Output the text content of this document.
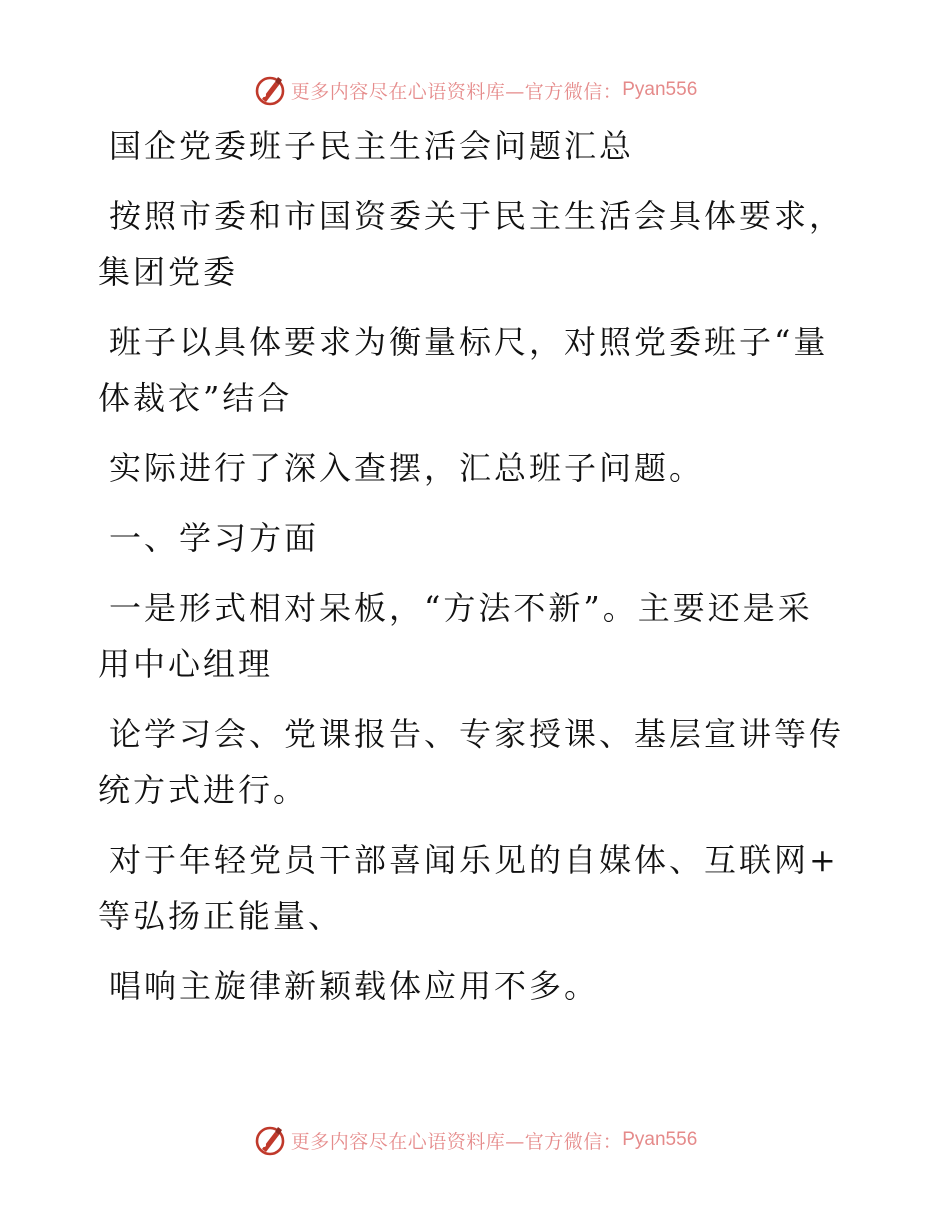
更多内容尽在心语资料库—官方微信： Pyan556

国企党委班子民主生活会问题汇总

按照市委和市国资委关于民主生活会具体要求，

集团党委

班子以具体要求为衡量标尺，对照党委班子“量

体裁衣”结合

实际进行了深入查摆，汇总班子问题。

一、学习方面

一是形式相对呆板，“方法不新”。主要还是采

用中心组理

论学习会、党课报告、专家授课、基层宣讲等传

统方式进行。

对于年轻党员干部喜闻乐见的自媒体、互联网+

等弘扬正能量、

唱响主旋律新颖载体应用不多。

更多内容尽在心语资料库—官方微信： Pyan556
